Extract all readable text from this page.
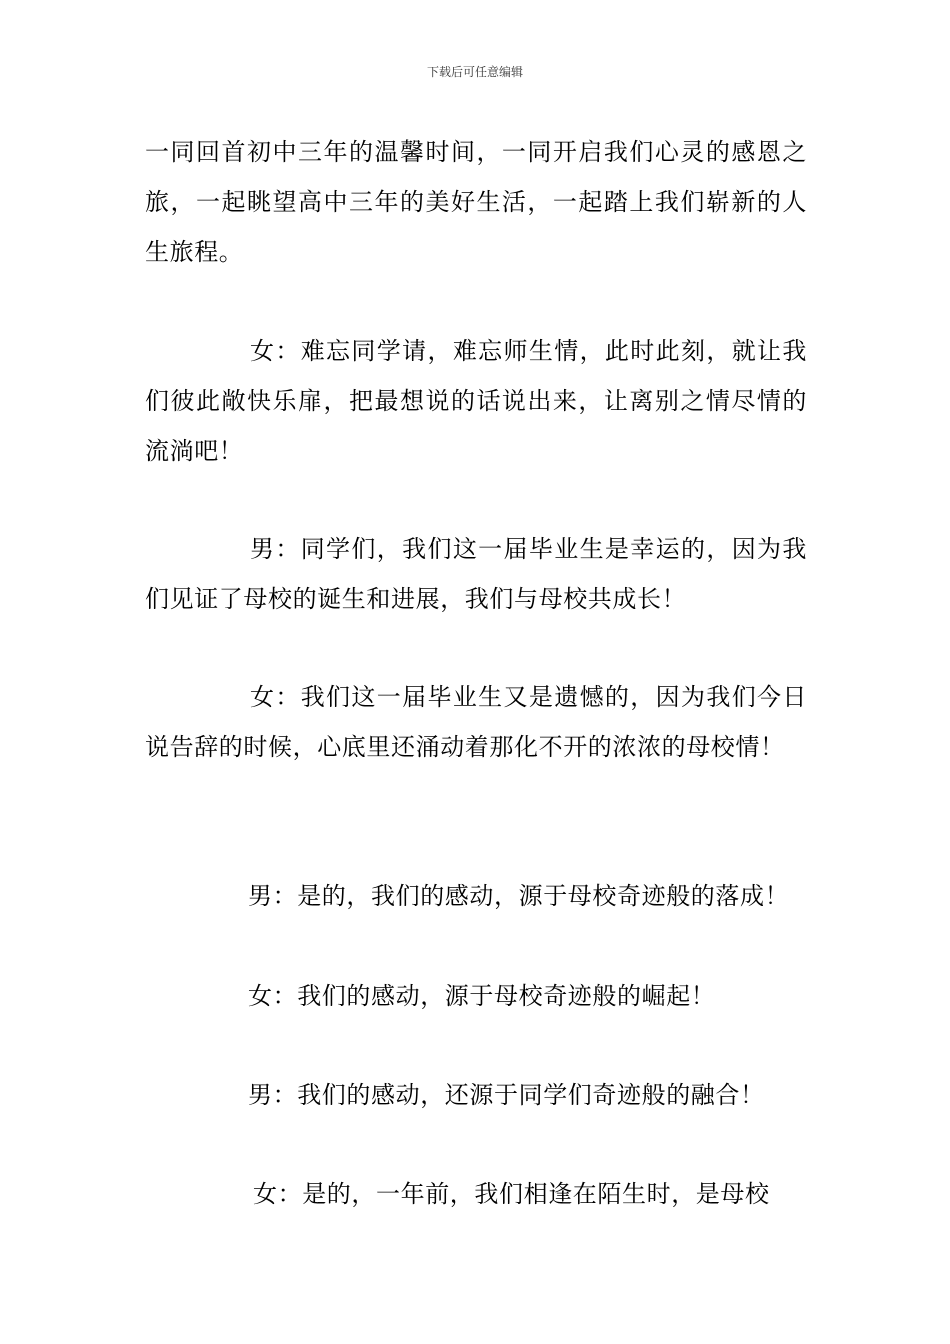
下载后可任意编辑

一同回首初中三年的温馨时间，一同开启我们心灵的感恩之旅，一起眺望高中三年的美好生活，一起踏上我们崭新的人生旅程。

女：难忘同学请，难忘师生情，此时此刻，就让我们彼此敞快乐扉，把最想说的话说出来，让离别之情尽情的流淌吧！

男：同学们，我们这一届毕业生是幸运的，因为我们见证了母校的诞生和进展，我们与母校共成长！

女：我们这一届毕业生又是遗憾的，因为我们今日说告辞的时候，心底里还涌动着那化不开的浓浓的母校情！

男：是的，我们的感动，源于母校奇迹般的落成！

女：我们的感动，源于母校奇迹般的崛起！

男：我们的感动，还源于同学们奇迹般的融合！

女：是的，一年前，我们相逢在陌生时，是母校
